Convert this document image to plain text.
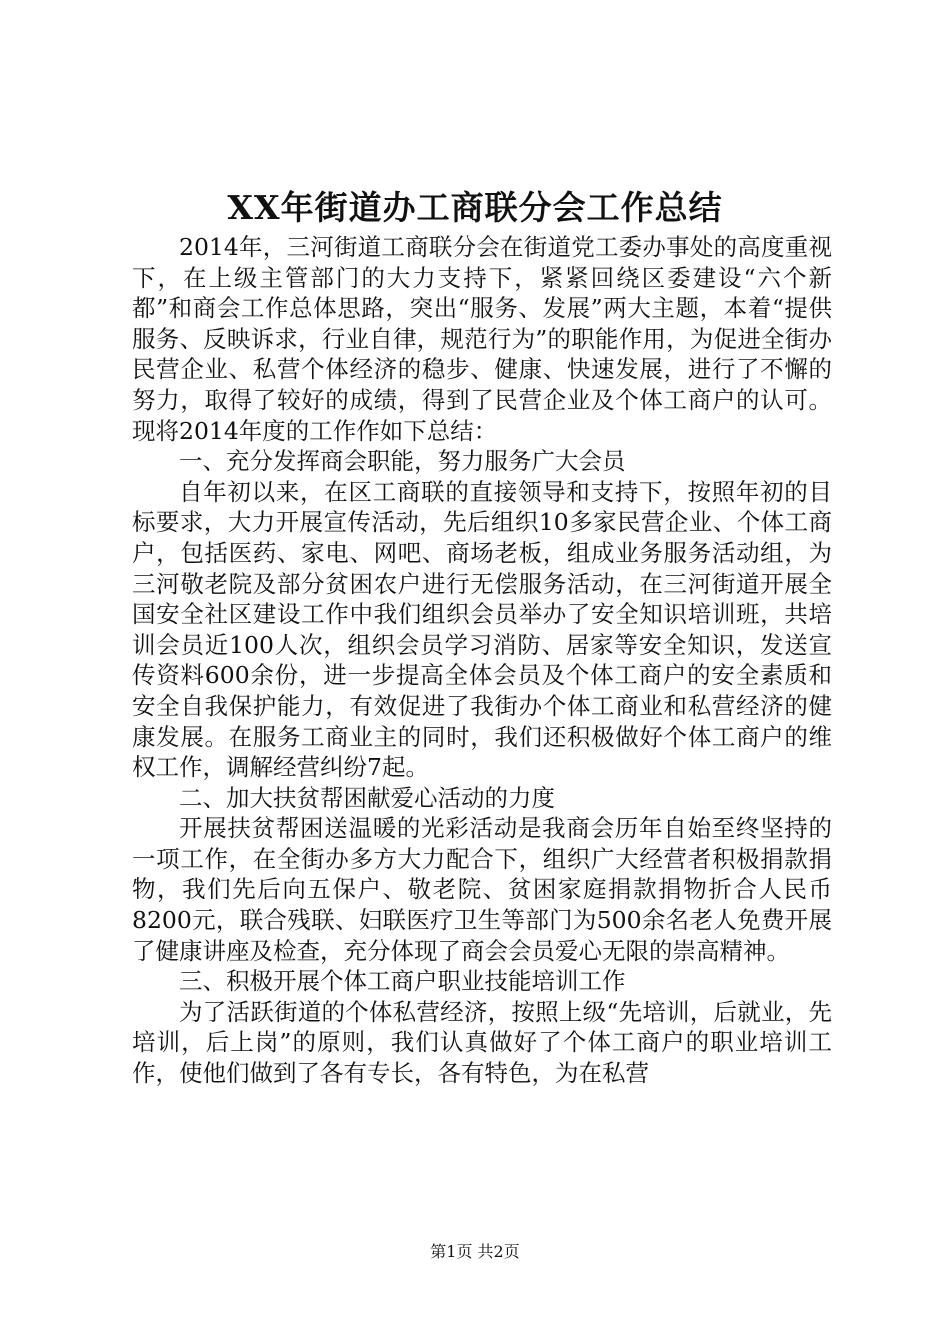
XX年街道办工商联分会工作总结

2014年，三河街道工商联分会在街道党工委办事处的高度重视下，在上级主管部门的大力支持下，紧紧回绕区委建设“六个新都”和商会工作总体思路，突出“服务、发展”两大主题，本着“提供服务、反映诉求，行业自律，规范行为”的职能作用，为促进全街办民营企业、私营个体经济的稳步、健康、快速发展，进行了不懈的努力，取得了较好的成绩，得到了民营企业及个体工商户的认可。现将2014年度的工作作如下总结：

一、充分发挥商会职能，努力服务广大会员

自年初以来，在区工商联的直接领导和支持下，按照年初的目标要求，大力开展宣传活动，先后组织10多家民营企业、个体工商户，包括医药、家电、网吧、商场老板，组成业务服务活动组，为三河敬老院及部分贫困农户进行无偿服务活动，在三河街道开展全国安全社区建设工作中我们组织会员举办了安全知识培训班，共培训会员近100人次，组织会员学习消防、居家等安全知识，发送宣传资料600余份，进一步提高全体会员及个体工商户的安全素质和安全自我保护能力，有效促进了我街办个体工商业和私营经济的健康发展。在服务工商业主的同时，我们还积极做好个体工商户的维权工作，调解经营纠纷7起。

二、加大扶贫帮困献爱心活动的力度

开展扶贫帮困送温暖的光彩活动是我商会历年自始至终坚持的一项工作，在全街办多方大力配合下，组织广大经营者积极捐款捐物，我们先后向五保户、敬老院、贫困家庭捐款捐物折合人民币8200元，联合残联、妇联医疗卫生等部门为500余名老人免费开展了健康讲座及检查，充分体现了商会会员爱心无限的崇高精神。

三、积极开展个体工商户职业技能培训工作

为了活跃街道的个体私营经济，按照上级“先培训，后就业，先培训，后上岗”的原则，我们认真做好了个体工商户的职业培训工作，使他们做到了各有专长，各有特色，为在私营

第1页 共2页
